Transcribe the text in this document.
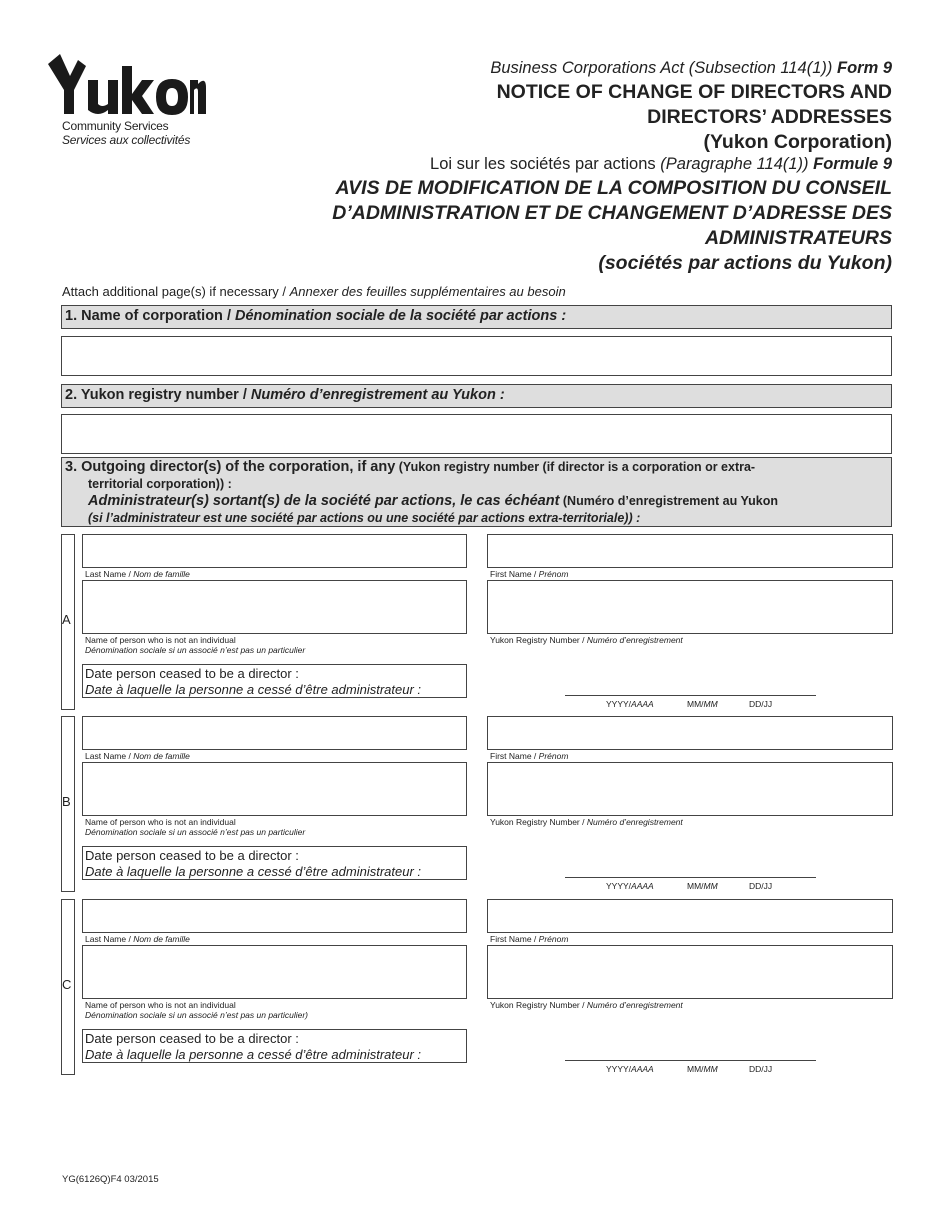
Community Services
Services aux collectivités
Business Corporations Act (Subsection 114(1)) Form 9
NOTICE OF CHANGE OF DIRECTORS AND
DIRECTORS’ ADDRESSES
(Yukon Corporation)
Loi sur les sociétés par actions (Paragraphe 114(1)) Formule 9
AVIS DE MODIFICATION DE LA COMPOSITION DU CONSEIL
D’ADMINISTRATION ET DE CHANGEMENT D’ADRESSE DES
ADMINISTRATEURS
(sociétés par actions du Yukon)
Attach additional page(s) if necessary / Annexer des feuilles supplémentaires au besoin
1. Name of corporation / Dénomination sociale de la société par actions :
2. Yukon registry number / Numéro d’enregistrement au Yukon :
3. Outgoing director(s) of the corporation, if any (Yukon registry number (if director is a corporation or extra-
territorial corporation)) :
Administrateur(s) sortant(s) de la société par actions, le cas échéant (Numéro d’enregistrement au Yukon
(si l’administrateur est une société par actions ou une société par actions extra-territoriale)) :
A
Last Name / Nom de famille	First Name / Prénom
Name of person who is not an individual
Dénomination sociale si un associé n’est pas un particulier
Yukon Registry Number / Numéro d’enregistrement
Date person ceased to be a director :
Date à laquelle la personne a cessé d’être administrateur :
YYYY/AAAA	MM/MM	DD/JJ
B
Last Name / Nom de famille	First Name / Prénom
Name of person who is not an individual
Dénomination sociale si un associé n’est pas un particulier
Yukon Registry Number / Numéro d’enregistrement
Date person ceased to be a director :
Date à laquelle la personne a cessé d’être administrateur :
YYYY/AAAA	MM/MM	DD/JJ
C
Last Name / Nom de famille	First Name / Prénom
Name of person who is not an individual
Dénomination sociale si un associé n’est pas un particulier)
Yukon Registry Number / Numéro d’enregistrement
Date person ceased to be a director :
Date à laquelle la personne a cessé d’être administrateur :
YYYY/AAAA	MM/MM	DD/JJ
YG(6126Q)F4 03/2015
